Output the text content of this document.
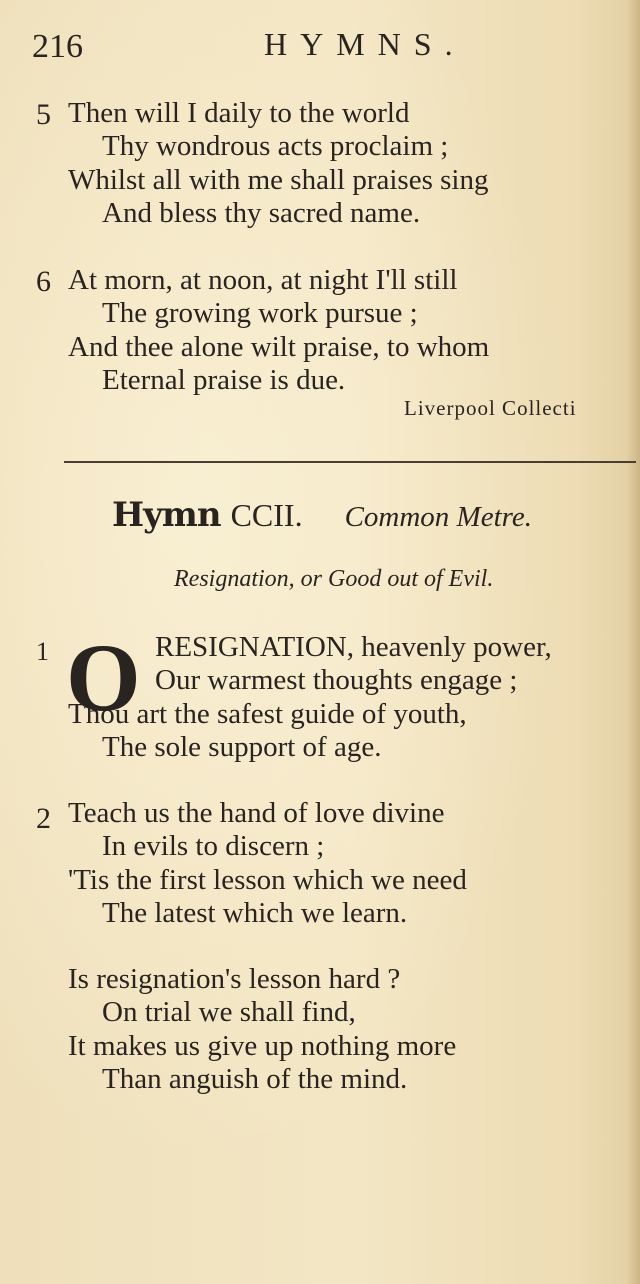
216	HYMNS.
5 Then will I daily to the world
Thy wondrous acts proclaim ;
Whilst all with me shall praises sing
And bless thy sacred name.
6 At morn, at noon, at night I'll still
The growing work pursue ;
And thee alone wilt praise, to whom
Eternal praise is due.
Liverpool Collecti
Hymn CCII. Common Metre.
Resignation, or Good out of Evil.
1 O RESIGNATION, heavenly power,
Our warmest thoughts engage ;
Thou art the safest guide of youth,
The sole support of age.
2 Teach us the hand of love divine
In evils to discern ;
'Tis the first lesson which we need
The latest which we learn.
Is resignation's lesson hard ?
On trial we shall find,
It makes us give up nothing more
Than anguish of the mind.
